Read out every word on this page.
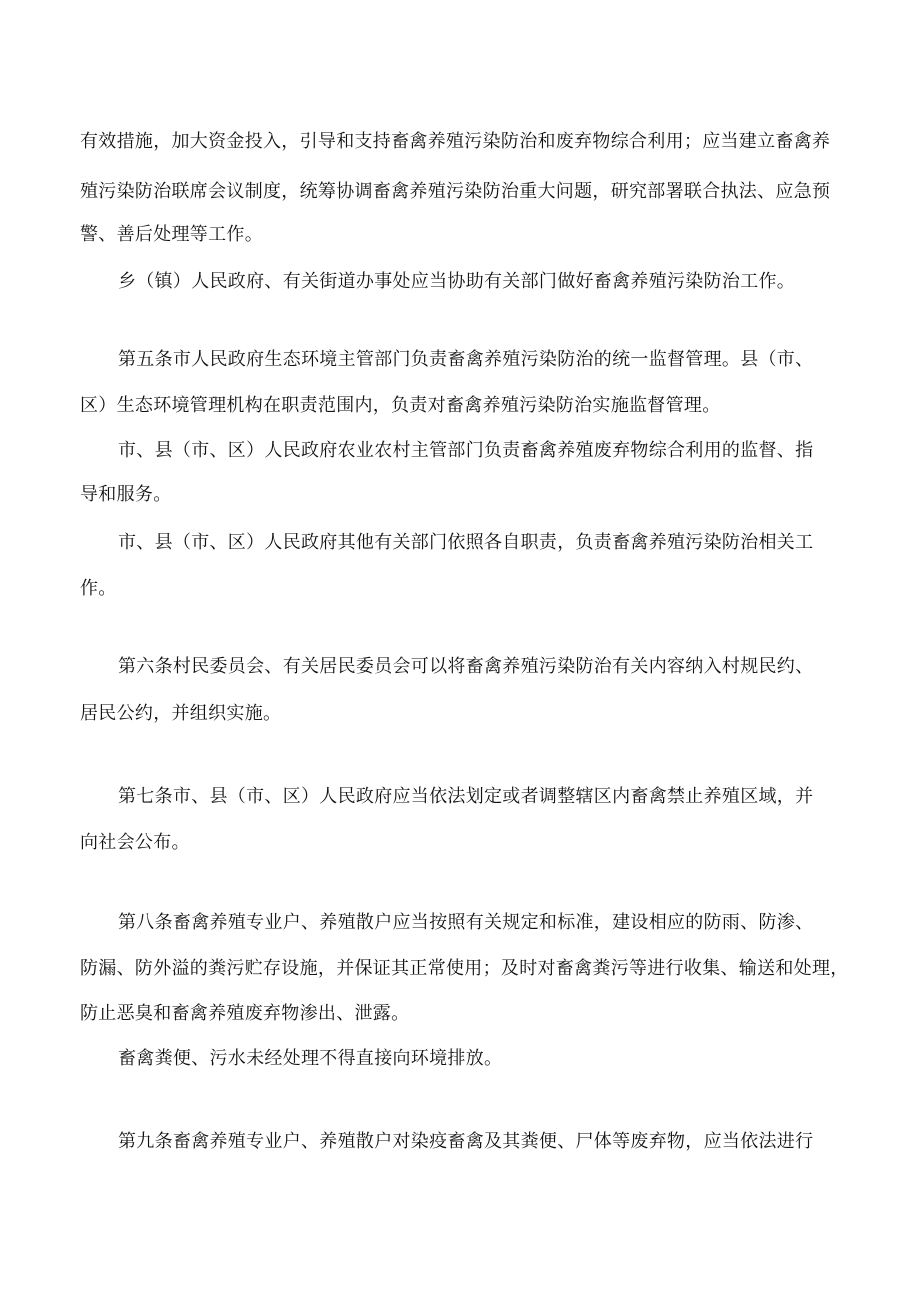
有效措施，加大资金投入，引导和支持畜禽养殖污染防治和废弃物综合利用；应当建立畜禽养
殖污染防治联席会议制度，统筹协调畜禽养殖污染防治重大问题，研究部署联合执法、应急预
警、善后处理等工作。
乡（镇）人民政府、有关街道办事处应当协助有关部门做好畜禽养殖污染防治工作。
第五条市人民政府生态环境主管部门负责畜禽养殖污染防治的统一监督管理。县（市、
区）生态环境管理机构在职责范围内，负责对畜禽养殖污染防治实施监督管理。
市、县（市、区）人民政府农业农村主管部门负责畜禽养殖废弃物综合利用的监督、指
导和服务。
市、县（市、区）人民政府其他有关部门依照各自职责，负责畜禽养殖污染防治相关工
作。
第六条村民委员会、有关居民委员会可以将畜禽养殖污染防治有关内容纳入村规民约、
居民公约，并组织实施。
第七条市、县（市、区）人民政府应当依法划定或者调整辖区内畜禽禁止养殖区域，并
向社会公布。
第八条畜禽养殖专业户、养殖散户应当按照有关规定和标准，建设相应的防雨、防渗、
防漏、防外溢的粪污贮存设施，并保证其正常使用；及时对畜禽粪污等进行收集、输送和处理，
防止恶臭和畜禽养殖废弃物渗出、泄露。
畜禽粪便、污水未经处理不得直接向环境排放。
第九条畜禽养殖专业户、养殖散户对染疫畜禽及其粪便、尸体等废弃物，应当依法进行
